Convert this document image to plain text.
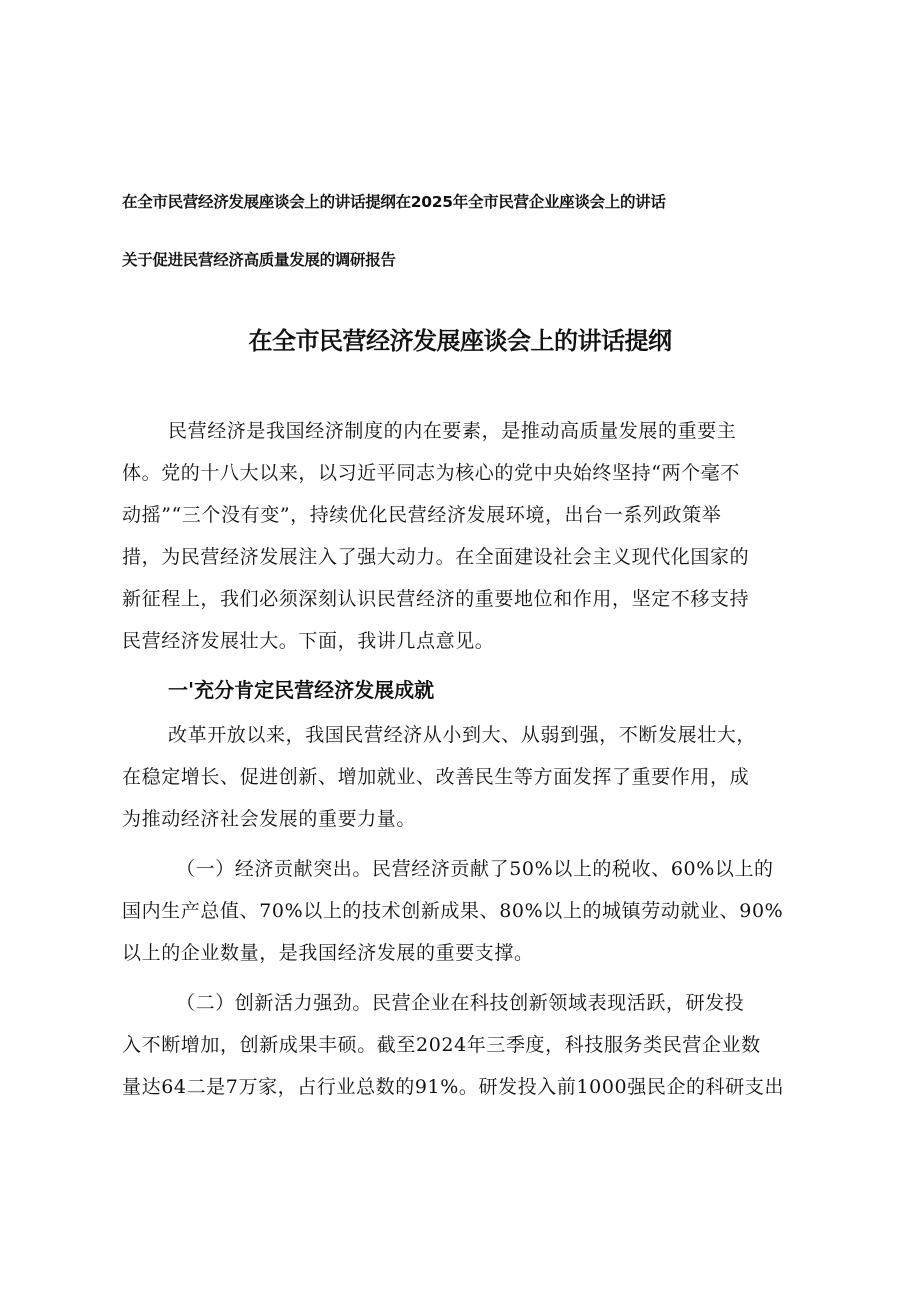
在全市民营经济发展座谈会上的讲话提纲在2025年全市民营企业座谈会上的讲话
关于促进民营经济高质量发展的调研报告
在全市民营经济发展座谈会上的讲话提纲
民营经济是我国经济制度的内在要素，是推动高质量发展的重要主
体。党的十八大以来，以习近平同志为核心的党中央始终坚持“两个毫不
动摇”“三个没有变”，持续优化民营经济发展环境，出台一系列政策举
措，为民营经济发展注入了强大动力。在全面建设社会主义现代化国家的
新征程上，我们必须深刻认识民营经济的重要地位和作用，坚定不移支持
民营经济发展壮大。下面，我讲几点意见。
一'充分肯定民营经济发展成就
改革开放以来，我国民营经济从小到大、从弱到强，不断发展壮大，
在稳定增长、促进创新、增加就业、改善民生等方面发挥了重要作用，成
为推动经济社会发展的重要力量。
（一）经济贡献突出。民营经济贡献了50%以上的税收、60%以上的
国内生产总值、70%以上的技术创新成果、80%以上的城镇劳动就业、90%
以上的企业数量，是我国经济发展的重要支撑。
（二）创新活力强劲。民营企业在科技创新领域表现活跃，研发投
入不断增加，创新成果丰硕。截至2024年三季度，科技服务类民营企业数
量达64二是7万家，占行业总数的91%。研发投入前1000强民企的科研支出
